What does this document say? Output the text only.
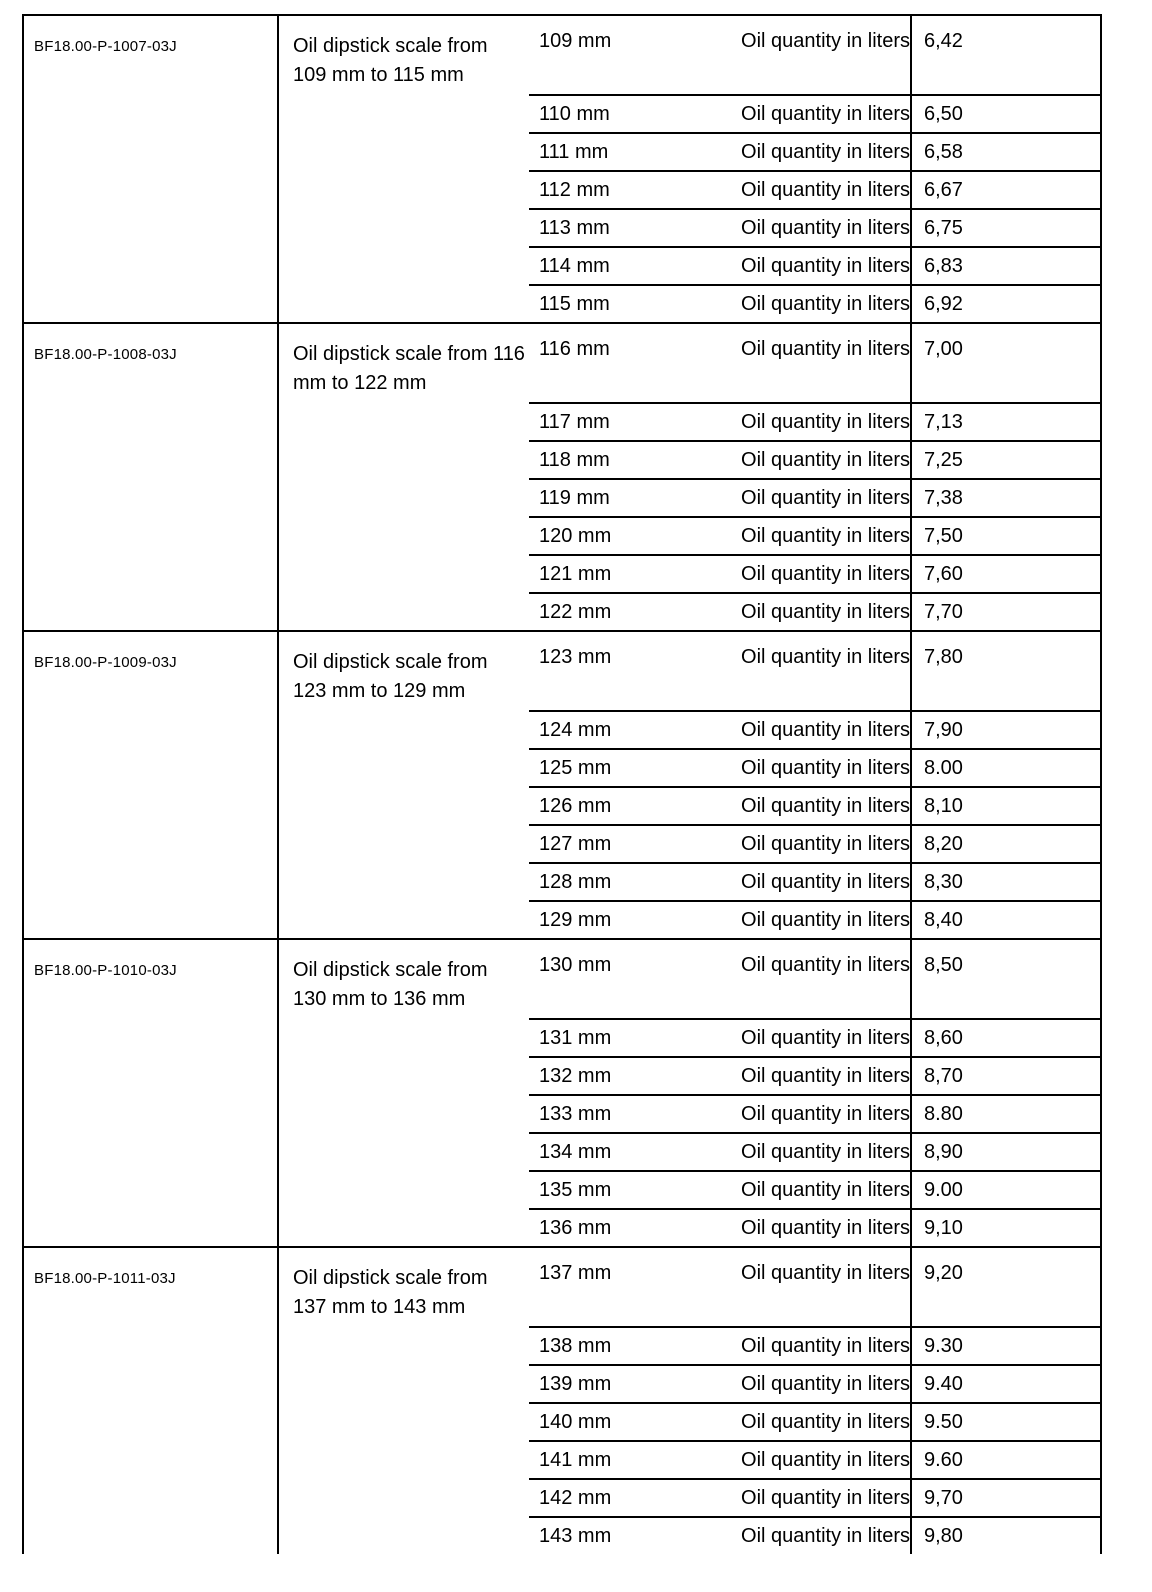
BF18.00-P-1007-03J	Oil dipstick scale from 109 mm to 115 mm
109 mm	Oil quantity in liters 6,42
110 mm	Oil quantity in liters 6,50
111 mm	Oil quantity in liters 6,58
112 mm	Oil quantity in liters 6,67
113 mm	Oil quantity in liters 6,75
114 mm	Oil quantity in liters 6,83
115 mm	Oil quantity in liters 6,92
BF18.00-P-1008-03J	Oil dipstick scale from 116 mm to 122 mm
116 mm	Oil quantity in liters 7,00
117 mm	Oil quantity in liters 7,13
118 mm	Oil quantity in liters 7,25
119 mm	Oil quantity in liters 7,38
120 mm	Oil quantity in liters 7,50
121 mm	Oil quantity in liters 7,60
122 mm	Oil quantity in liters 7,70
BF18.00-P-1009-03J	Oil dipstick scale from 123 mm to 129 mm
123 mm	Oil quantity in liters 7,80
124 mm	Oil quantity in liters 7,90
125 mm	Oil quantity in liters 8.00
126 mm	Oil quantity in liters 8,10
127 mm	Oil quantity in liters 8,20
128 mm	Oil quantity in liters 8,30
129 mm	Oil quantity in liters 8,40
BF18.00-P-1010-03J	Oil dipstick scale from 130 mm to 136 mm
130 mm	Oil quantity in liters 8,50
131 mm	Oil quantity in liters 8,60
132 mm	Oil quantity in liters 8,70
133 mm	Oil quantity in liters 8.80
134 mm	Oil quantity in liters 8,90
135 mm	Oil quantity in liters 9.00
136 mm	Oil quantity in liters 9,10
BF18.00-P-1011-03J	Oil dipstick scale from 137 mm to 143 mm
137 mm	Oil quantity in liters 9,20
138 mm	Oil quantity in liters 9.30
139 mm	Oil quantity in liters 9.40
140 mm	Oil quantity in liters 9.50
141 mm	Oil quantity in liters 9.60
142 mm	Oil quantity in liters 9,70
143 mm	Oil quantity in liters 9,80
